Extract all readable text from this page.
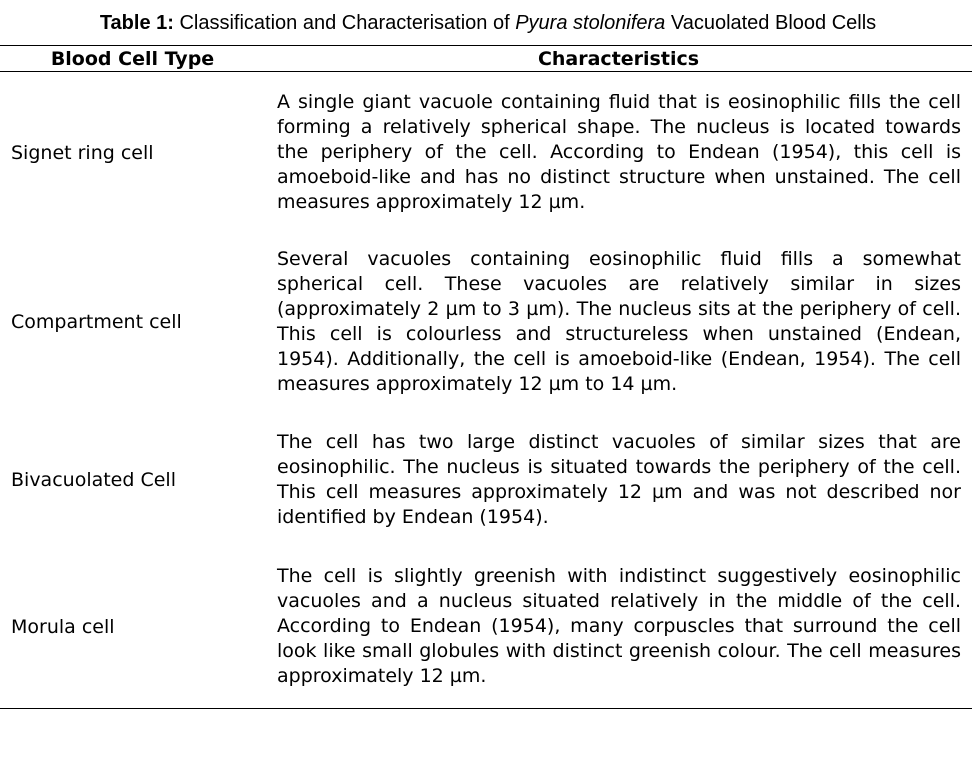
Table 1: Classification and Characterisation of Pyura stolonifera Vacuolated Blood Cells
Blood Cell Type	Characteristics
Signet ring cell
A single giant vacuole containing fluid that is eosinophilic fills the cell forming a relatively spherical shape. The nucleus is located towards the periphery of the cell. According to Endean (1954), this cell is amoeboid-like and has no distinct structure when unstained. The cell measures approximately 12 µm.
Compartment cell
Several vacuoles containing eosinophilic fluid fills a somewhat spherical cell. These vacuoles are relatively similar in sizes (approximately 2 µm to 3 µm). The nucleus sits at the periphery of cell. This cell is colourless and structureless when unstained (Endean, 1954). Additionally, the cell is amoeboid-like (Endean, 1954). The cell measures approximately 12 µm to 14 µm.
Bivacuolated Cell
The cell has two large distinct vacuoles of similar sizes that are eosinophilic. The nucleus is situated towards the periphery of the cell. This cell measures approximately 12 µm and was not described nor identified by Endean (1954).
Morula cell
The cell is slightly greenish with indistinct suggestively eosinophilic vacuoles and a nucleus situated relatively in the middle of the cell. According to Endean (1954), many corpuscles that surround the cell look like small globules with distinct greenish colour. The cell measures approximately 12 µm.
